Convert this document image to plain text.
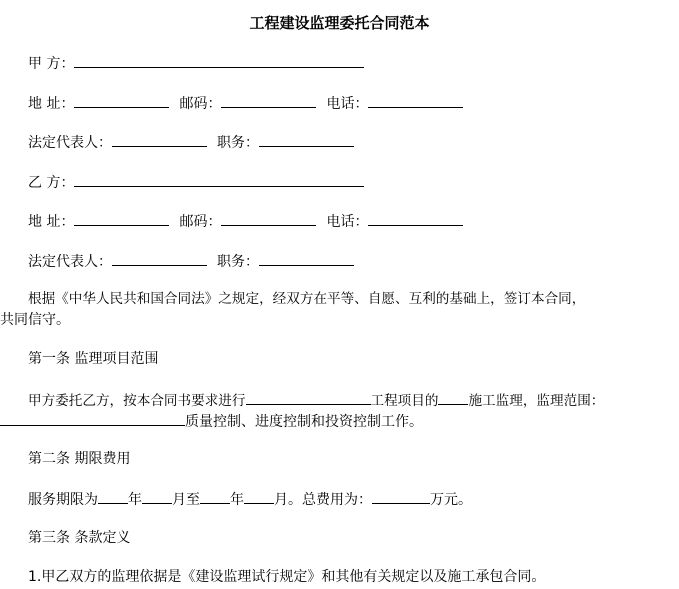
工程建设监理委托合同范本
甲 方：
地 址：	邮码：	电话：
法定代表人：	职务：
乙 方：
地 址：	邮码：	电话：
法定代表人：	职务：
根据《中华人民共和国合同法》之规定，经双方在平等、自愿、互利的基础上，签订本合同，
共同信守。
第一条 监理项目范围
甲方委托乙方，按本合同书要求进行	工程项目的 施工监理，监理范围：
质量控制、进度控制和投资控制工作。
第二条 期限费用
服务期限为 年 月至 年 月。总费用为：	万元。
第三条 条款定义
1.甲乙双方的监理依据是《建设监理试行规定》和其他有关规定以及施工承包合同。
